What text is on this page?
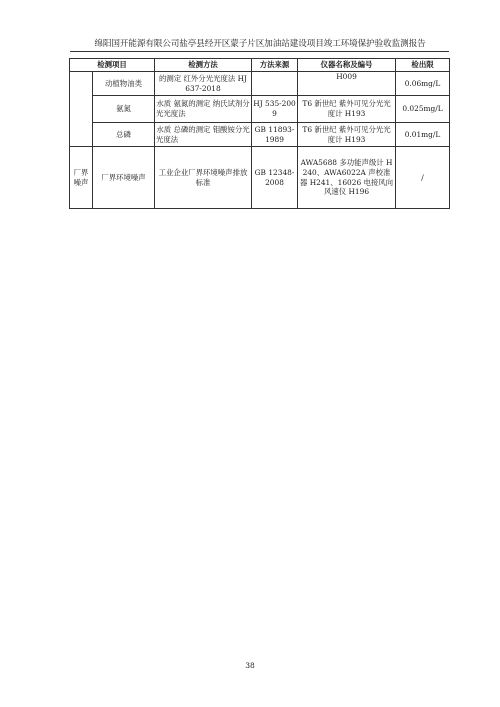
绵阳国开能源有限公司盐亭县经开区蒙子片区加油站建设项目竣工环境保护验收监测报告
检测项目		检测方法	方法来源	仪器名称及编号	检出限
	动植物油类	的测定 红外分光光度法 HJ 637-2018		H009	0.06mg/L
	氨氮	水质 氨氮的测定 纳氏试剂分光光度法	HJ 535-2009	T6 新世纪 紫外可见分光光度计 H193	0.025mg/L
	总磷	水质 总磷的测定 钼酸铵分光光度法	GB 11893-1989	T6 新世纪 紫外可见分光光度计 H193	0.01mg/L
厂界噪声	厂界环境噪声	工业企业厂界环境噪声排放标准	GB 12348-2008	AWA5688 多功能声级计 H240、AWA6022A 声校准器 H241、16026 电接风向风速仪 H196	/
38
